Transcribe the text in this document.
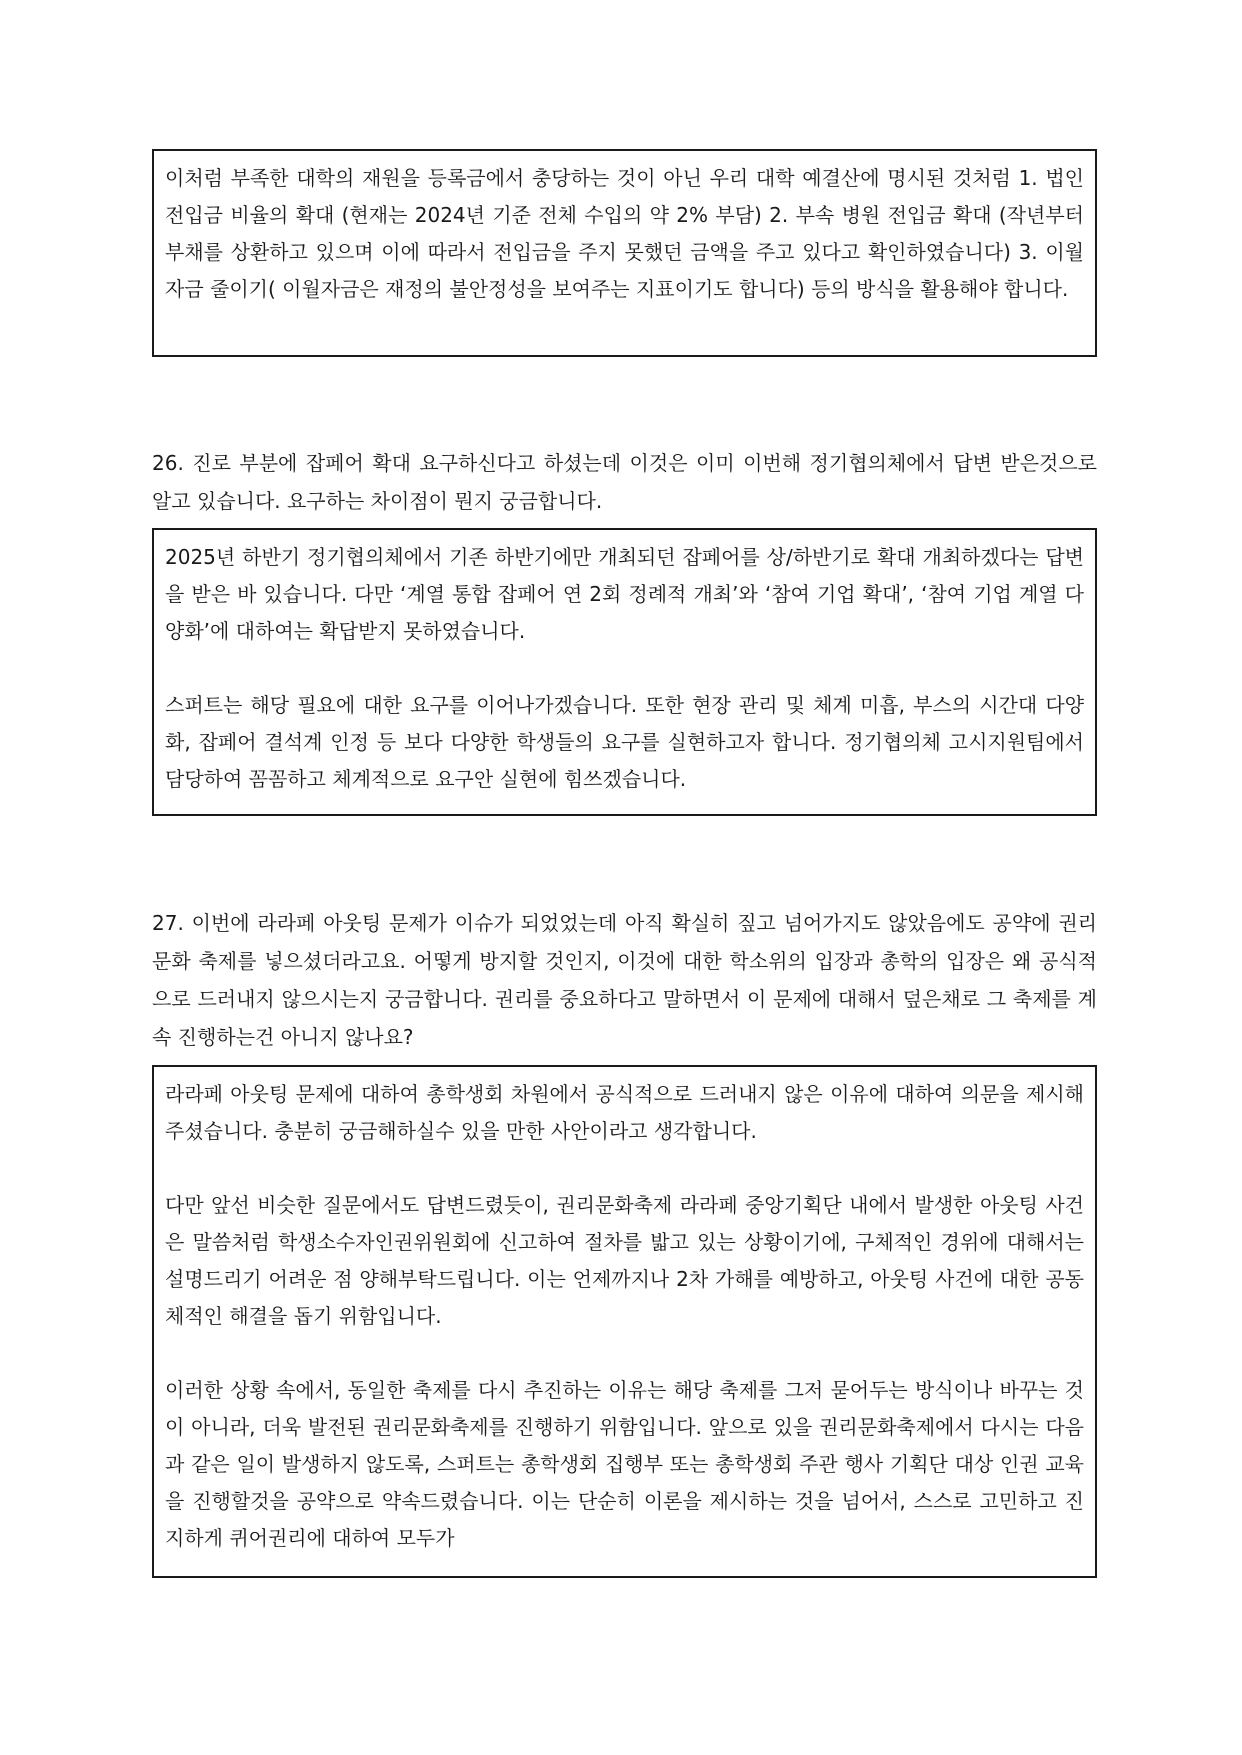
이처럼 부족한 대학의 재원을 등록금에서 충당하는 것이 아닌 우리 대학 예결산에 명시된 것처럼 1. 법인 전입금 비율의 확대 (현재는 2024년 기준 전체 수입의 약 2% 부담) 2. 부속 병원 전입금 확대 (작년부터 부채를 상환하고 있으며 이에 따라서 전입금을 주지 못했던 금액을 주고 있다고 확인하였습니다) 3. 이월자금 줄이기( 이월자금은 재정의 불안정성을 보여주는 지표이기도 합니다) 등의 방식을 활용해야 합니다.

26. 진로 부분에 잡페어 확대 요구하신다고 하셨는데 이것은 이미 이번해 정기협의체에서 답변 받은것으로 알고 있습니다. 요구하는 차이점이 뭔지 궁금합니다.

2025년 하반기 정기협의체에서 기존 하반기에만 개최되던 잡페어를 상/하반기로 확대 개최하겠다는 답변을 받은 바 있습니다. 다만 ‘계열 통합 잡페어 연 2회 정례적 개최’와 ‘참여 기업 확대’, ‘참여 기업 계열 다양화’에 대하여는 확답받지 못하였습니다.

스퍼트는 해당 필요에 대한 요구를 이어나가겠습니다. 또한 현장 관리 및 체계 미흡, 부스의 시간대 다양화, 잡페어 결석계 인정 등 보다 다양한 학생들의 요구를 실현하고자 합니다. 정기협의체 고시지원팀에서 담당하여 꼼꼼하고 체계적으로 요구안 실현에 힘쓰겠습니다.

27. 이번에 라라페 아웃팅 문제가 이슈가 되었었는데 아직 확실히 짚고 넘어가지도 않았음에도 공약에 권리 문화 축제를 넣으셨더라고요. 어떻게 방지할 것인지, 이것에 대한 학소위의 입장과 총학의 입장은 왜 공식적으로 드러내지 않으시는지 궁금합니다. 권리를 중요하다고 말하면서 이 문제에 대해서 덮은채로 그 축제를 계속 진행하는건 아니지 않나요?

라라페 아웃팅 문제에 대하여 총학생회 차원에서 공식적으로 드러내지 않은 이유에 대하여 의문을 제시해주셨습니다. 충분히 궁금해하실수 있을 만한 사안이라고 생각합니다.

다만 앞선 비슷한 질문에서도 답변드렸듯이, 권리문화축제 라라페 중앙기획단 내에서 발생한 아웃팅 사건은 말씀처럼 학생소수자인권위원회에 신고하여 절차를 밟고 있는 상황이기에, 구체적인 경위에 대해서는 설명드리기 어려운 점 양해부탁드립니다. 이는 언제까지나 2차 가해를 예방하고, 아웃팅 사건에 대한 공동체적인 해결을 돕기 위함입니다.

이러한 상황 속에서, 동일한 축제를 다시 추진하는 이유는 해당 축제를 그저 묻어두는 방식이나 바꾸는 것이 아니라, 더욱 발전된 권리문화축제를 진행하기 위함입니다. 앞으로 있을 권리문화축제에서 다시는 다음과 같은 일이 발생하지 않도록, 스퍼트는 총학생회 집행부 또는 총학생회 주관 행사 기획단 대상 인권 교육을 진행할것을 공약으로 약속드렸습니다. 이는 단순히 이론을 제시하는 것을 넘어서, 스스로 고민하고 진지하게 퀴어권리에 대하여 모두가
